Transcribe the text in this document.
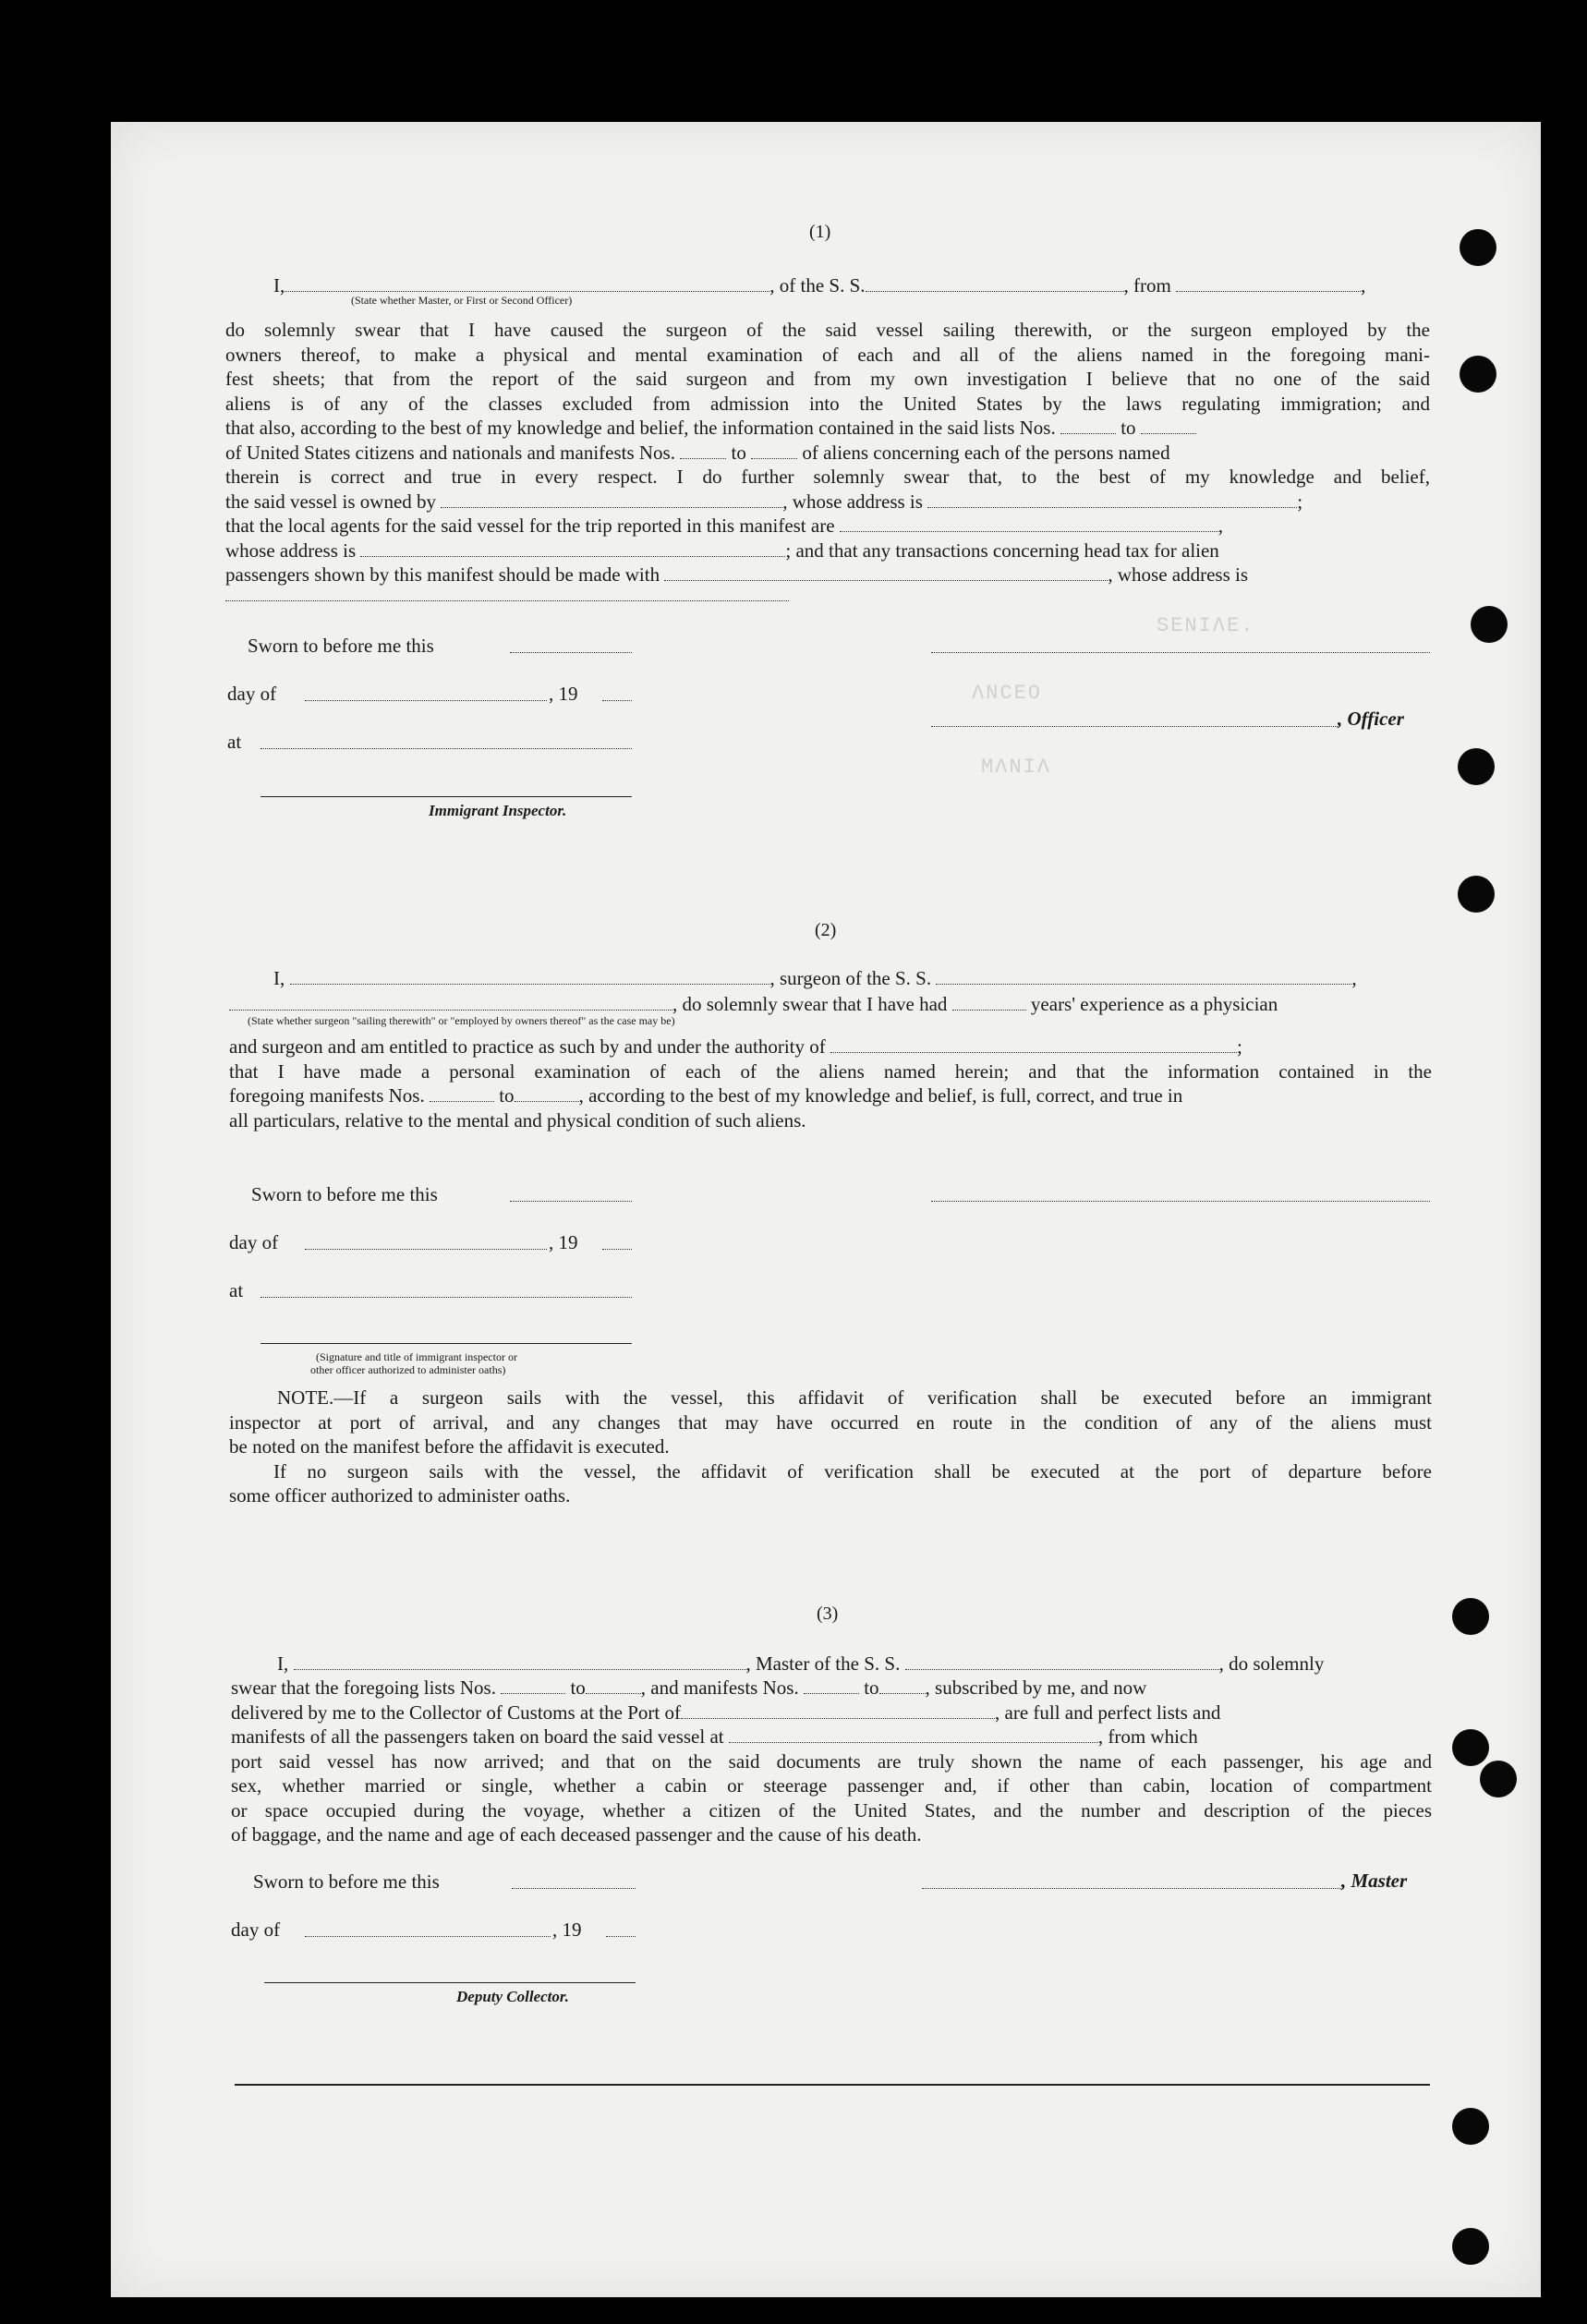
.ƎɅIИƎƧ
OƎƆИɅ
ɅIИɅM
(1)
I,	, of the S. S.	, from	,
(State whether Master, or First or Second Officer)

do solemnly swear that I have caused the surgeon of the said vessel sailing therewith, or the surgeon employed by the

owners thereof, to make a physical and mental examination of each and all of the aliens named in the foregoing mani-

fest sheets; that from the report of the said surgeon and from my own investigation I believe that no one of the said

aliens is of any of the classes excluded from admission into the United States by the laws regulating immigration; and

that also, according to the best of my knowledge and belief, the information contained in the said lists Nos.	to

of United States citizens and nationals and manifests Nos.	to	of aliens concerning each of the persons named

therein is correct and true in every respect. I do further solemnly swear that, to the best of my knowledge and belief,

the said vessel is owned by	, whose address is	;

that the local agents for the said vessel for the trip reported in this manifest are	,

whose address is	; and that any transactions concerning head tax for alien

passengers shown by this manifest should be made with	, whose address is

Sworn to before me this
day of	, 19
, Officer
at
Immigrant Inspector.
(2)
I,	, surgeon of the S. S.	,
, do solemnly swear that I have had	years' experience as a physician
(State whether surgeon "sailing therewith" or "employed by owners thereof" as the case may be)

and surgeon and am entitled to practice as such by and under the authority of	;

that I have made a personal examination of each of the aliens named herein; and that the information contained in the

foregoing manifests Nos.	to	, according to the best of my knowledge and belief, is full, correct, and true in

all particulars, relative to the mental and physical condition of such aliens.

Sworn to before me this
day of	, 19
at
(Signature and title of immigrant inspector or
other officer authorized to administer oaths)

NOTE.—If a surgeon sails with the vessel, this affidavit of verification shall be executed before an immigrant

inspector at port of arrival, and any changes that may have occurred en route in the condition of any of the aliens must

be noted on the manifest before the affidavit is executed.

If no surgeon sails with the vessel, the affidavit of verification shall be executed at the port of departure before

some officer authorized to administer oaths.

(3)
I,	, Master of the S. S.	, do solemnly

swear that the foregoing lists Nos.	to	, and manifests Nos.	to , subscribed by me, and now

delivered by me to the Collector of Customs at the Port of	, are full and perfect lists and

manifests of all the passengers taken on board the said vessel at	, from which

port said vessel has now arrived; and that on the said documents are truly shown the name of each passenger, his age and

sex, whether married or single, whether a cabin or steerage passenger and, if other than cabin, location of compartment

or space occupied during the voyage, whether a citizen of the United States, and the number and description of the pieces

of baggage, and the name and age of each deceased passenger and the cause of his death.

Sworn to before me this	, Master
day of	, 19
Deputy Collector.
